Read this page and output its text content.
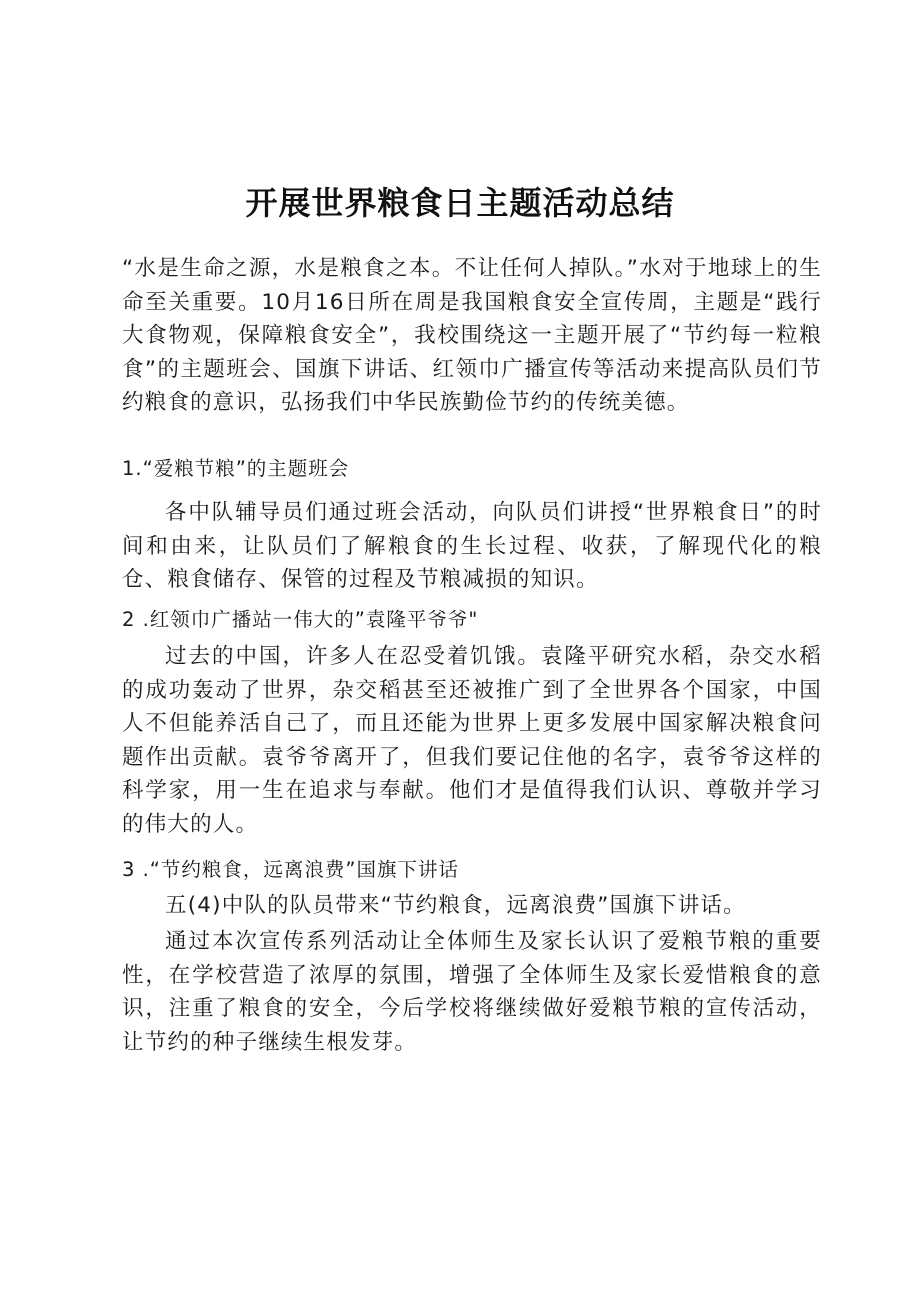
开展世界粮食日主题活动总结
“水是生命之源，水是粮食之本。不让任何人掉队。”水对于地球上的生命至关重要。10月16日所在周是我国粮食安全宣传周，主题是“践行大食物观，保障粮食安全”，我校围绕这一主题开展了“节约每一粒粮食”的主题班会、国旗下讲话、红领巾广播宣传等活动来提高队员们节约粮食的意识，弘扬我们中华民族勤俭节约的传统美德。
1.“爱粮节粮”的主题班会
各中队辅导员们通过班会活动，向队员们讲授“世界粮食日”的时间和由来，让队员们了解粮食的生长过程、收获，了解现代化的粮仓、粮食储存、保管的过程及节粮减损的知识。
2 .红领巾广播站一伟大的”袁隆平爷爷"
过去的中国，许多人在忍受着饥饿。袁隆平研究水稻，杂交水稻的成功轰动了世界，杂交稻甚至还被推广到了全世界各个国家，中国人不但能养活自己了，而且还能为世界上更多发展中国家解决粮食问题作出贡献。袁爷爷离开了，但我们要记住他的名字，袁爷爷这样的科学家，用一生在追求与奉献。他们才是值得我们认识、尊敬并学习的伟大的人。
3 .“节约粮食，远离浪费”国旗下讲话
五(4)中队的队员带来“节约粮食，远离浪费”国旗下讲话。
通过本次宣传系列活动让全体师生及家长认识了爱粮节粮的重要性，在学校营造了浓厚的氛围，增强了全体师生及家长爱惜粮食的意识，注重了粮食的安全，今后学校将继续做好爱粮节粮的宣传活动，让节约的种子继续生根发芽。
